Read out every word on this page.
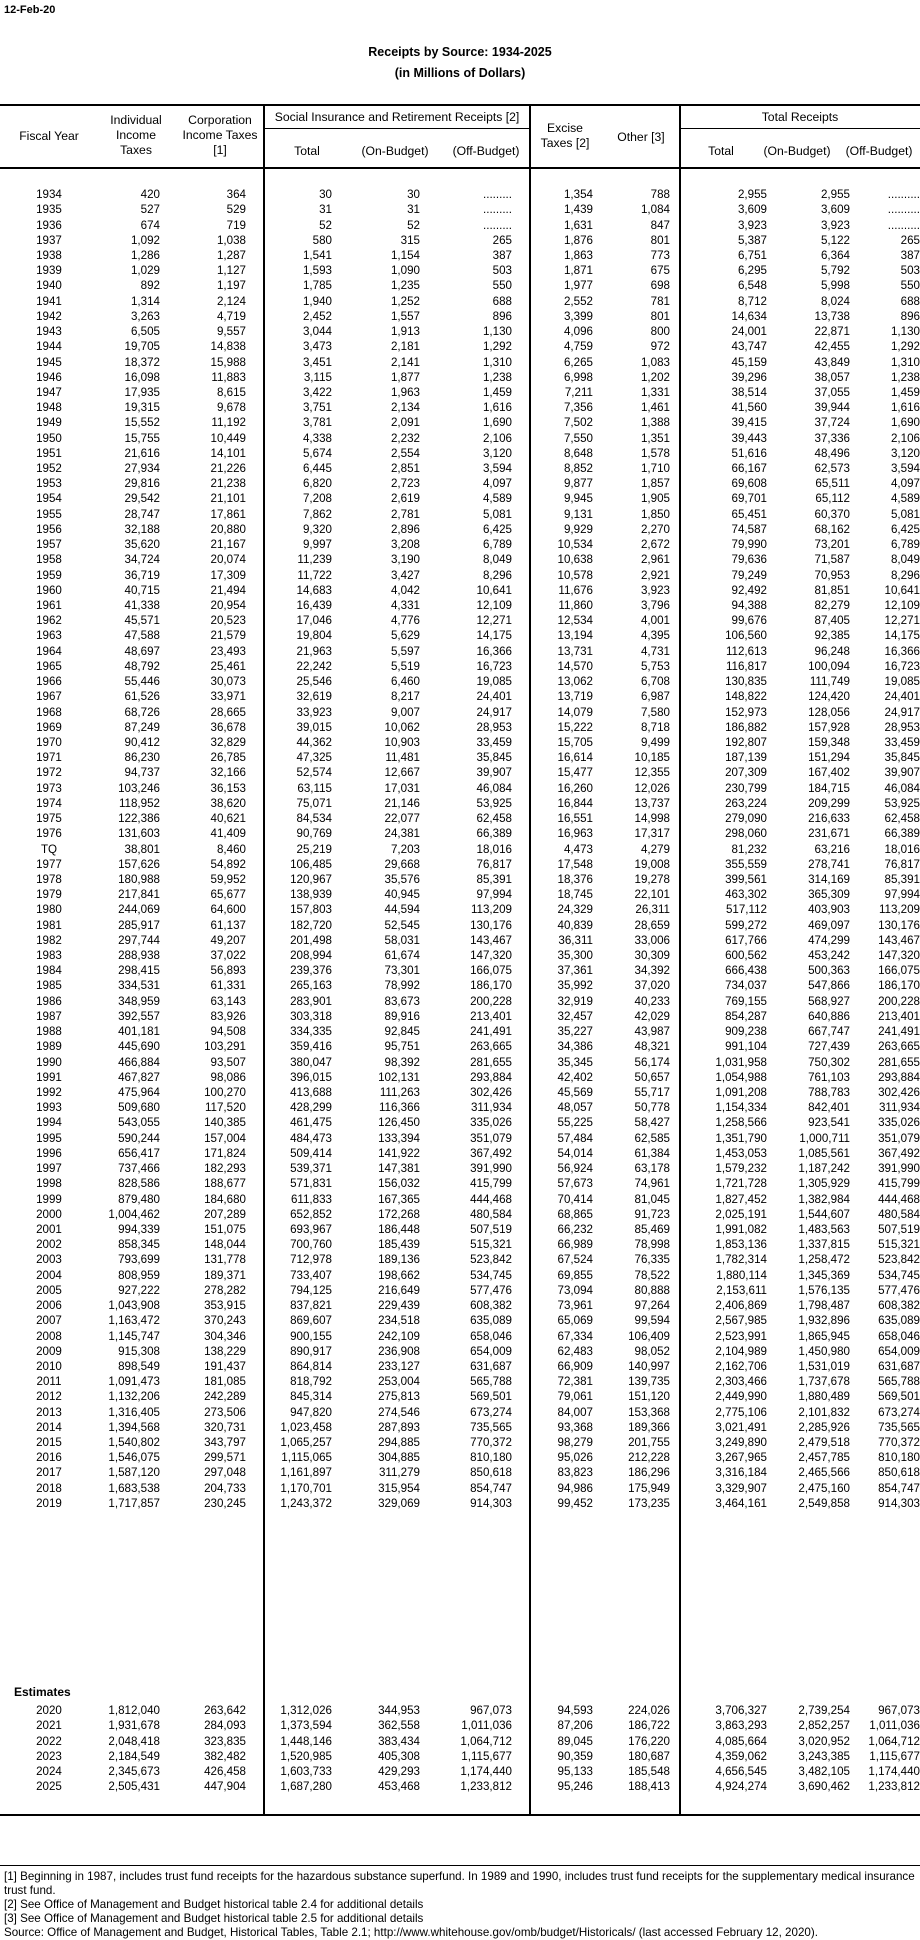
12-Feb-20
Receipts by Source: 1934-2025
(in Millions of Dollars)
Fiscal Year
Individual Income Taxes
Corporation Income Taxes [1]
Social Insurance and Retirement Receipts [2]
Total	(On-Budget)	(Off-Budget)
Excise Taxes [2]	Other [3]
Total Receipts
Total	(On-Budget)	(Off-Budget)
1934	420	364	30	30	.........	1,354	788	2,955	2,955	..........
1935	527	529	31	31	.........	1,439	1,084	3,609	3,609	..........
1936	674	719	52	52	.........	1,631	847	3,923	3,923	..........
1937	1,092	1,038	580	315	265	1,876	801	5,387	5,122	265
1938	1,286	1,287	1,541	1,154	387	1,863	773	6,751	6,364	387
1939	1,029	1,127	1,593	1,090	503	1,871	675	6,295	5,792	503
1940	892	1,197	1,785	1,235	550	1,977	698	6,548	5,998	550
1941	1,314	2,124	1,940	1,252	688	2,552	781	8,712	8,024	688
1942	3,263	4,719	2,452	1,557	896	3,399	801	14,634	13,738	896
1943	6,505	9,557	3,044	1,913	1,130	4,096	800	24,001	22,871	1,130
1944	19,705	14,838	3,473	2,181	1,292	4,759	972	43,747	42,455	1,292
1945	18,372	15,988	3,451	2,141	1,310	6,265	1,083	45,159	43,849	1,310
1946	16,098	11,883	3,115	1,877	1,238	6,998	1,202	39,296	38,057	1,238
1947	17,935	8,615	3,422	1,963	1,459	7,211	1,331	38,514	37,055	1,459
1948	19,315	9,678	3,751	2,134	1,616	7,356	1,461	41,560	39,944	1,616
1949	15,552	11,192	3,781	2,091	1,690	7,502	1,388	39,415	37,724	1,690
1950	15,755	10,449	4,338	2,232	2,106	7,550	1,351	39,443	37,336	2,106
1951	21,616	14,101	5,674	2,554	3,120	8,648	1,578	51,616	48,496	3,120
1952	27,934	21,226	6,445	2,851	3,594	8,852	1,710	66,167	62,573	3,594
1953	29,816	21,238	6,820	2,723	4,097	9,877	1,857	69,608	65,511	4,097
1954	29,542	21,101	7,208	2,619	4,589	9,945	1,905	69,701	65,112	4,589
1955	28,747	17,861	7,862	2,781	5,081	9,131	1,850	65,451	60,370	5,081
1956	32,188	20,880	9,320	2,896	6,425	9,929	2,270	74,587	68,162	6,425
1957	35,620	21,167	9,997	3,208	6,789	10,534	2,672	79,990	73,201	6,789
1958	34,724	20,074	11,239	3,190	8,049	10,638	2,961	79,636	71,587	8,049
1959	36,719	17,309	11,722	3,427	8,296	10,578	2,921	79,249	70,953	8,296
1960	40,715	21,494	14,683	4,042	10,641	11,676	3,923	92,492	81,851	10,641
1961	41,338	20,954	16,439	4,331	12,109	11,860	3,796	94,388	82,279	12,109
1962	45,571	20,523	17,046	4,776	12,271	12,534	4,001	99,676	87,405	12,271
1963	47,588	21,579	19,804	5,629	14,175	13,194	4,395	106,560	92,385	14,175
1964	48,697	23,493	21,963	5,597	16,366	13,731	4,731	112,613	96,248	16,366
1965	48,792	25,461	22,242	5,519	16,723	14,570	5,753	116,817	100,094	16,723
1966	55,446	30,073	25,546	6,460	19,085	13,062	6,708	130,835	111,749	19,085
1967	61,526	33,971	32,619	8,217	24,401	13,719	6,987	148,822	124,420	24,401
1968	68,726	28,665	33,923	9,007	24,917	14,079	7,580	152,973	128,056	24,917
1969	87,249	36,678	39,015	10,062	28,953	15,222	8,718	186,882	157,928	28,953
1970	90,412	32,829	44,362	10,903	33,459	15,705	9,499	192,807	159,348	33,459
1971	86,230	26,785	47,325	11,481	35,845	16,614	10,185	187,139	151,294	35,845
1972	94,737	32,166	52,574	12,667	39,907	15,477	12,355	207,309	167,402	39,907
1973	103,246	36,153	63,115	17,031	46,084	16,260	12,026	230,799	184,715	46,084
1974	118,952	38,620	75,071	21,146	53,925	16,844	13,737	263,224	209,299	53,925
1975	122,386	40,621	84,534	22,077	62,458	16,551	14,998	279,090	216,633	62,458
1976	131,603	41,409	90,769	24,381	66,389	16,963	17,317	298,060	231,671	66,389
TQ	38,801	8,460	25,219	7,203	18,016	4,473	4,279	81,232	63,216	18,016
1977	157,626	54,892	106,485	29,668	76,817	17,548	19,008	355,559	278,741	76,817
1978	180,988	59,952	120,967	35,576	85,391	18,376	19,278	399,561	314,169	85,391
1979	217,841	65,677	138,939	40,945	97,994	18,745	22,101	463,302	365,309	97,994
1980	244,069	64,600	157,803	44,594	113,209	24,329	26,311	517,112	403,903	113,209
1981	285,917	61,137	182,720	52,545	130,176	40,839	28,659	599,272	469,097	130,176
1982	297,744	49,207	201,498	58,031	143,467	36,311	33,006	617,766	474,299	143,467
1983	288,938	37,022	208,994	61,674	147,320	35,300	30,309	600,562	453,242	147,320
1984	298,415	56,893	239,376	73,301	166,075	37,361	34,392	666,438	500,363	166,075
1985	334,531	61,331	265,163	78,992	186,170	35,992	37,020	734,037	547,866	186,170
1986	348,959	63,143	283,901	83,673	200,228	32,919	40,233	769,155	568,927	200,228
1987	392,557	83,926	303,318	89,916	213,401	32,457	42,029	854,287	640,886	213,401
1988	401,181	94,508	334,335	92,845	241,491	35,227	43,987	909,238	667,747	241,491
1989	445,690	103,291	359,416	95,751	263,665	34,386	48,321	991,104	727,439	263,665
1990	466,884	93,507	380,047	98,392	281,655	35,345	56,174	1,031,958	750,302	281,655
1991	467,827	98,086	396,015	102,131	293,884	42,402	50,657	1,054,988	761,103	293,884
1992	475,964	100,270	413,688	111,263	302,426	45,569	55,717	1,091,208	788,783	302,426
1993	509,680	117,520	428,299	116,366	311,934	48,057	50,778	1,154,334	842,401	311,934
1994	543,055	140,385	461,475	126,450	335,026	55,225	58,427	1,258,566	923,541	335,026
1995	590,244	157,004	484,473	133,394	351,079	57,484	62,585	1,351,790	1,000,711	351,079
1996	656,417	171,824	509,414	141,922	367,492	54,014	61,384	1,453,053	1,085,561	367,492
1997	737,466	182,293	539,371	147,381	391,990	56,924	63,178	1,579,232	1,187,242	391,990
1998	828,586	188,677	571,831	156,032	415,799	57,673	74,961	1,721,728	1,305,929	415,799
1999	879,480	184,680	611,833	167,365	444,468	70,414	81,045	1,827,452	1,382,984	444,468
2000	1,004,462	207,289	652,852	172,268	480,584	68,865	91,723	2,025,191	1,544,607	480,584
2001	994,339	151,075	693,967	186,448	507,519	66,232	85,469	1,991,082	1,483,563	507,519
2002	858,345	148,044	700,760	185,439	515,321	66,989	78,998	1,853,136	1,337,815	515,321
2003	793,699	131,778	712,978	189,136	523,842	67,524	76,335	1,782,314	1,258,472	523,842
2004	808,959	189,371	733,407	198,662	534,745	69,855	78,522	1,880,114	1,345,369	534,745
2005	927,222	278,282	794,125	216,649	577,476	73,094	80,888	2,153,611	1,576,135	577,476
2006	1,043,908	353,915	837,821	229,439	608,382	73,961	97,264	2,406,869	1,798,487	608,382
2007	1,163,472	370,243	869,607	234,518	635,089	65,069	99,594	2,567,985	1,932,896	635,089
2008	1,145,747	304,346	900,155	242,109	658,046	67,334	106,409	2,523,991	1,865,945	658,046
2009	915,308	138,229	890,917	236,908	654,009	62,483	98,052	2,104,989	1,450,980	654,009
2010	898,549	191,437	864,814	233,127	631,687	66,909	140,997	2,162,706	1,531,019	631,687
2011	1,091,473	181,085	818,792	253,004	565,788	72,381	139,735	2,303,466	1,737,678	565,788
2012	1,132,206	242,289	845,314	275,813	569,501	79,061	151,120	2,449,990	1,880,489	569,501
2013	1,316,405	273,506	947,820	274,546	673,274	84,007	153,368	2,775,106	2,101,832	673,274
2014	1,394,568	320,731	1,023,458	287,893	735,565	93,368	189,366	3,021,491	2,285,926	735,565
2015	1,540,802	343,797	1,065,257	294,885	770,372	98,279	201,755	3,249,890	2,479,518	770,372
2016	1,546,075	299,571	1,115,065	304,885	810,180	95,026	212,228	3,267,965	2,457,785	810,180
2017	1,587,120	297,048	1,161,897	311,279	850,618	83,823	186,296	3,316,184	2,465,566	850,618
2018	1,683,538	204,733	1,170,701	315,954	854,747	94,986	175,949	3,329,907	2,475,160	854,747
2019	1,717,857	230,245	1,243,372	329,069	914,303	99,452	173,235	3,464,161	2,549,858	914,303
Estimates
2020	1,812,040	263,642	1,312,026	344,953	967,073	94,593	224,026	3,706,327	2,739,254	967,073
2021	1,931,678	284,093	1,373,594	362,558	1,011,036	87,206	186,722	3,863,293	2,852,257	1,011,036
2022	2,048,418	323,835	1,448,146	383,434	1,064,712	89,045	176,220	4,085,664	3,020,952	1,064,712
2023	2,184,549	382,482	1,520,985	405,308	1,115,677	90,359	180,687	4,359,062	3,243,385	1,115,677
2024	2,345,673	426,458	1,603,733	429,293	1,174,440	95,133	185,548	4,656,545	3,482,105	1,174,440
2025	2,505,431	447,904	1,687,280	453,468	1,233,812	95,246	188,413	4,924,274	3,690,462	1,233,812
[1] Beginning in 1987, includes trust fund receipts for the hazardous substance superfund. In 1989 and 1990, includes trust fund receipts for the supplementary medical insurance trust fund.
[2] See Office of Management and Budget historical table 2.4 for additional details
[3] See Office of Management and Budget historical table 2.5 for additional details
Source: Office of Management and Budget, Historical Tables, Table 2.1; http://www.whitehouse.gov/omb/budget/Historicals/ (last accessed February 12, 2020).
